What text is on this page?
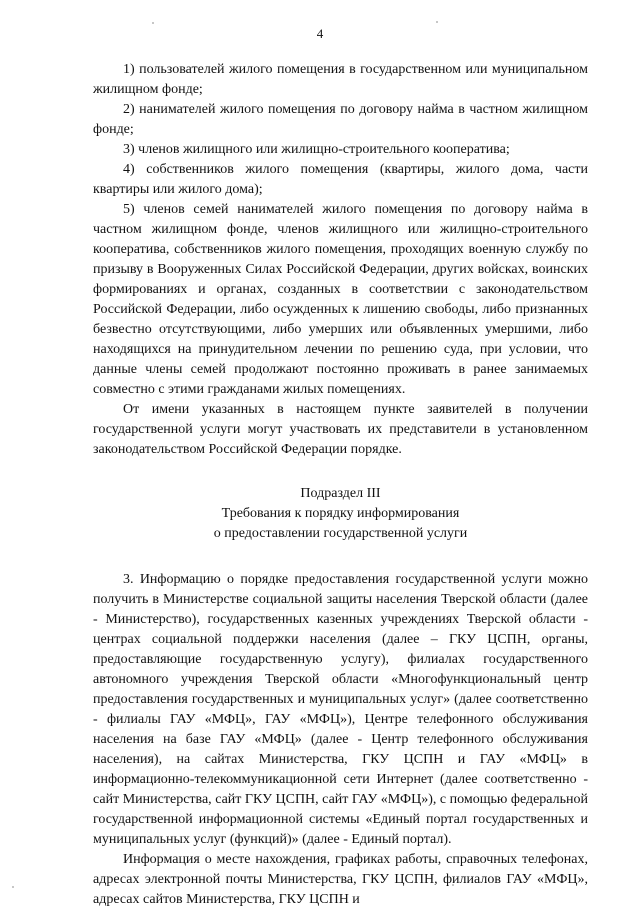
4

1) пользователей жилого помещения в государственном или муниципальном жилищном фонде;

2) нанимателей жилого помещения по договору найма в частном жилищном фонде;

3) членов жилищного или жилищно-строительного кооператива;

4) собственников жилого помещения (квартиры, жилого дома, части квартиры или жилого дома);

5) членов семей нанимателей жилого помещения по договору найма в частном жилищном фонде, членов жилищного или жилищно-строительного кооператива, собственников жилого помещения, проходящих военную службу по призыву в Вооруженных Силах Российской Федерации, других войсках, воинских формированиях и органах, созданных в соответствии с законодательством Российской Федерации, либо осужденных к лишению свободы, либо признанных безвестно отсутствующими, либо умерших или объявленных умершими, либо находящихся на принудительном лечении по решению суда, при условии, что данные члены семей продолжают постоянно проживать в ранее занимаемых совместно с этими гражданами жилых помещениях.

От имени указанных в настоящем пункте заявителей в получении государственной услуги могут участвовать их представители в установленном законодательством Российской Федерации порядке.

Подраздел III

Требования к порядку информирования

о предоставлении государственной услуги

3. Информацию о порядке предоставления государственной услуги можно получить в Министерстве социальной защиты населения Тверской области (далее - Министерство), государственных казенных учреждениях Тверской области - центрах социальной поддержки населения (далее – ГКУ ЦСПН, органы, предоставляющие государственную услугу), филиалах государственного автономного учреждения Тверской области «Многофункциональный центр предоставления государственных и муниципальных услуг» (далее соответственно - филиалы ГАУ «МФЦ», ГАУ «МФЦ»), Центре телефонного обслуживания населения на базе ГАУ «МФЦ» (далее - Центр телефонного обслуживания населения), на сайтах Министерства, ГКУ ЦСПН и ГАУ «МФЦ» в информационно-телекоммуникационной сети Интернет (далее соответственно - сайт Министерства, сайт ГКУ ЦСПН, сайт ГАУ «МФЦ»), с помощью федеральной государственной информационной системы «Единый портал государственных и муниципальных услуг (функций)» (далее - Единый портал).

Информация о месте нахождения, графиках работы, справочных телефонах, адресах электронной почты Министерства, ГКУ ЦСПН, филиалов ГАУ «МФЦ», адресах сайтов Министерства, ГКУ ЦСПН и
